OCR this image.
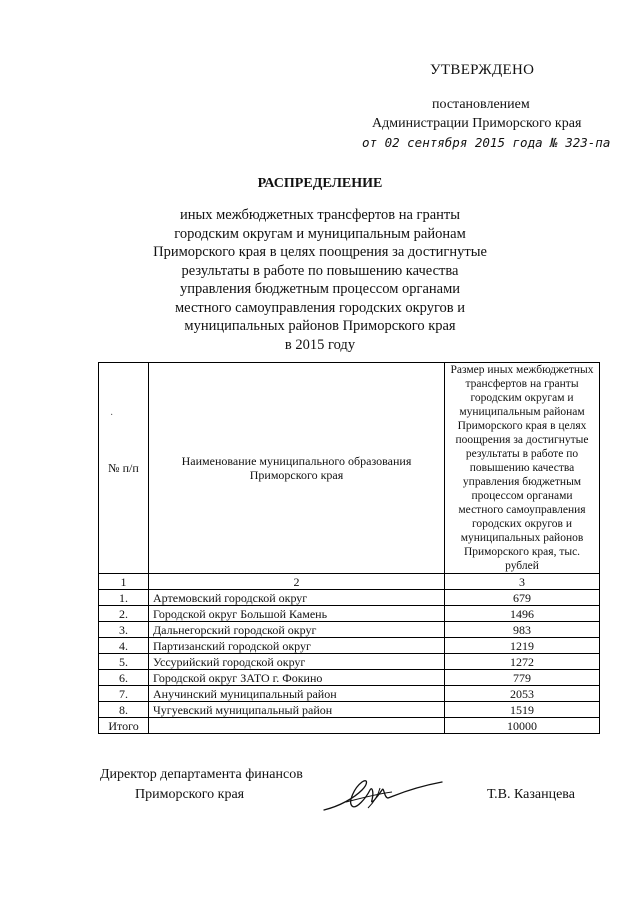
УТВЕРЖДЕНО
постановлением
Администрации Приморского края
от 02 сентября 2015 года № 323-па
РАСПРЕДЕЛЕНИЕ
иных межбюджетных трансфертов на гранты
городским округам и муниципальным районам
Приморского края в целях поощрения за достигнутые
результаты в работе по повышению качества
управления бюджетным процессом органами
местного самоуправления городских округов и
муниципальных районов Приморского края
в 2015 году
·
№ п/п	Наименование муниципального образования Приморского края	Размер иных межбюджетных трансфертов на гранты городским округам и муниципальным районам Приморского края в целях поощрения за достигнутые результаты в работе по повышению качества управления бюджетным процессом органами местного самоуправления городских округов и муниципальных районов Приморского края, тыс. рублей
1	2	3
1.	Артемовский городской округ	679
2.	Городской округ Большой Камень	1496
3.	Дальнегорский городской округ	983
4.	Партизанский городской округ	1219
5.	Уссурийский городской округ	1272
6.	Городской округ ЗАТО г. Фокино	779
7.	Анучинский муниципальный район	2053
8.	Чугуевский муниципальный район	1519
Итого		10000
Директор департамента финансов
Приморского края	Т.В. Казанцева
